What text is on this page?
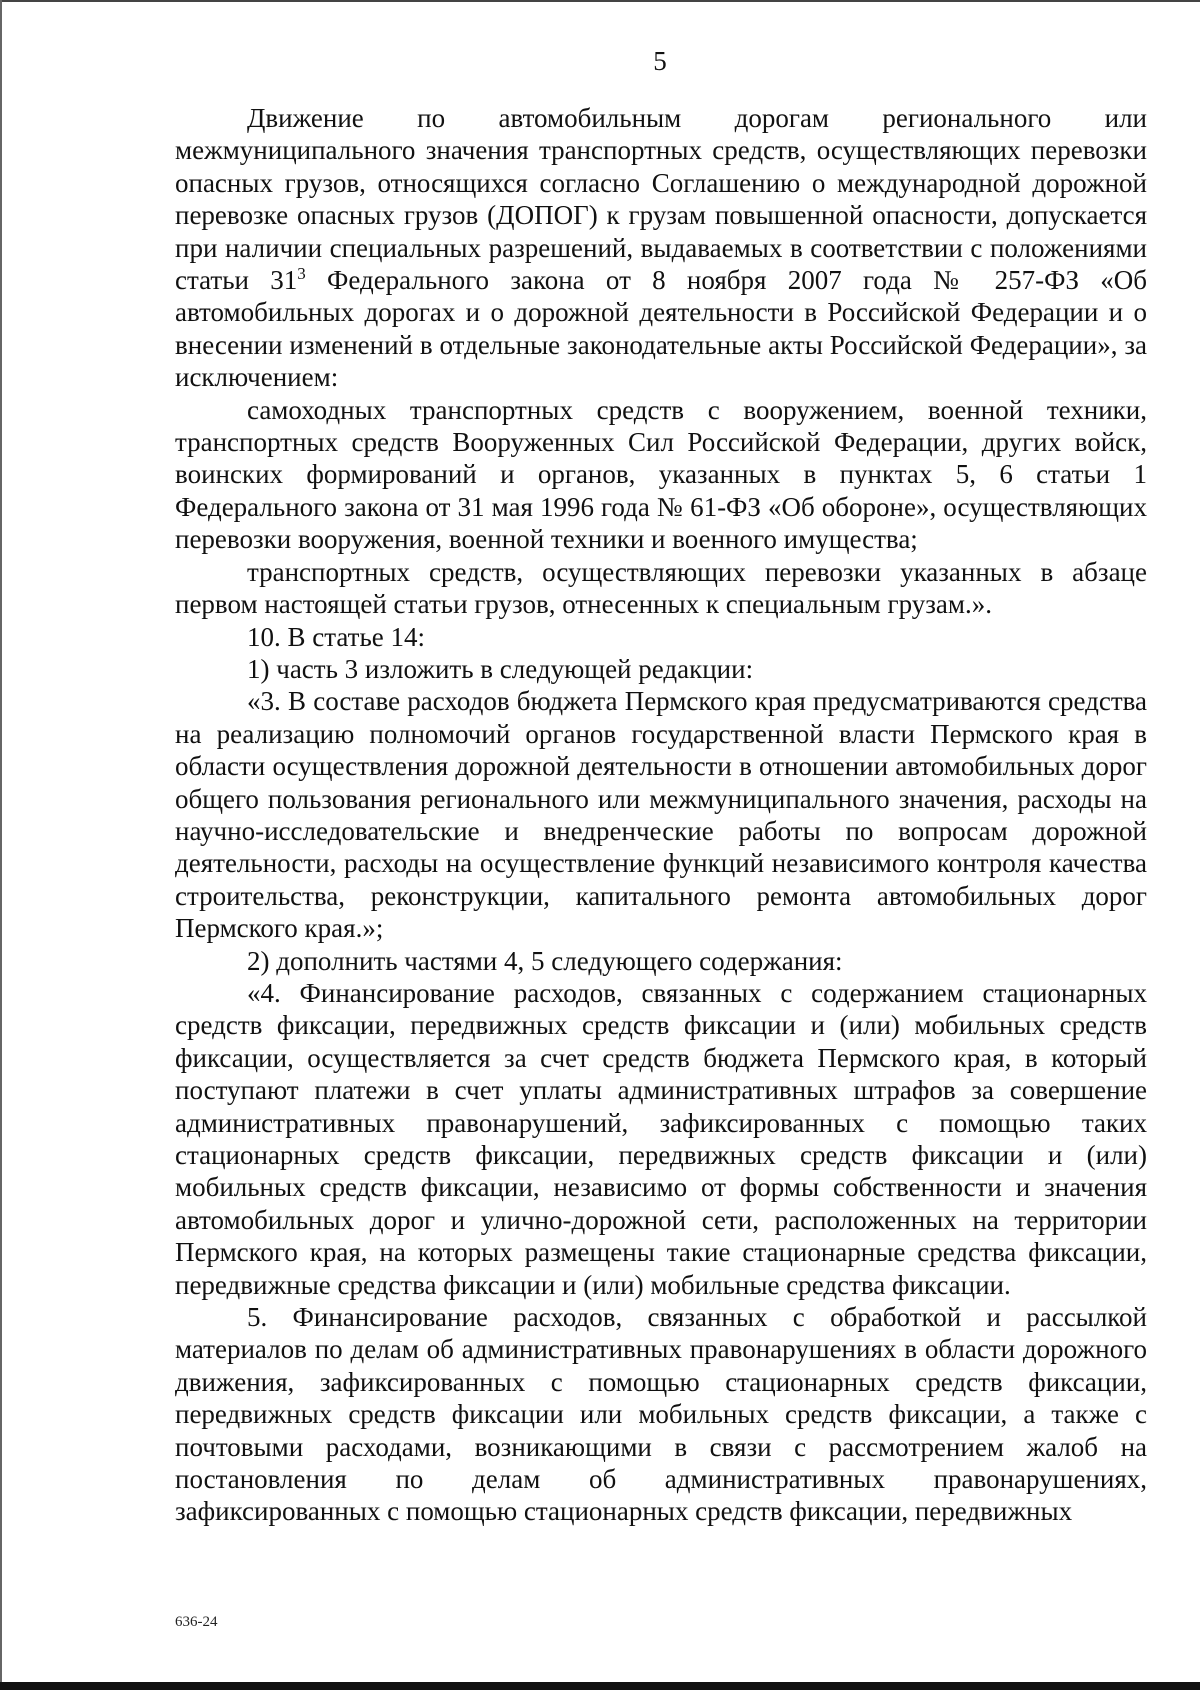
5

Движение по автомобильным дорогам регионального или межмуниципального значения транспортных средств, осуществляющих перевозки опасных грузов, относящихся согласно Соглашению о международной дорожной перевозке опасных грузов (ДОПОГ) к грузам повышенной опасности, допускается при наличии специальных разрешений, выдаваемых в соответствии с положениями статьи $31^3$ Федерального закона от 8 ноября 2007 года № 257-ФЗ «Об автомобильных дорогах и о дорожной деятельности в Российской Федерации и о внесении изменений в отдельные законодательные акты Российской Федерации», за исключением:

самоходных транспортных средств с вооружением, военной техники, транспортных средств Вооруженных Сил Российской Федерации, других войск, воинских формирований и органов, указанных в пунктах 5, 6 статьи 1 Федерального закона от 31 мая 1996 года № 61-ФЗ «Об обороне», осуществляющих перевозки вооружения, военной техники и военного имущества;

транспортных средств, осуществляющих перевозки указанных в абзаце первом настоящей статьи грузов, отнесенных к специальным грузам.».

10. В статье 14:

1) часть 3 изложить в следующей редакции:

«3. В составе расходов бюджета Пермского края предусматриваются средства на реализацию полномочий органов государственной власти Пермского края в области осуществления дорожной деятельности в отношении автомобильных дорог общего пользования регионального или межмуниципального значения, расходы на научно-исследовательские и внедренческие работы по вопросам дорожной деятельности, расходы на осуществление функций независимого контроля качества строительства, реконструкции, капитального ремонта автомобильных дорог Пермского края.»;

2) дополнить частями 4, 5 следующего содержания:

«4. Финансирование расходов, связанных с содержанием стационарных средств фиксации, передвижных средств фиксации и (или) мобильных средств фиксации, осуществляется за счет средств бюджета Пермского края, в который поступают платежи в счет уплаты административных штрафов за совершение административных правонарушений, зафиксированных с помощью таких стационарных средств фиксации, передвижных средств фиксации и (или) мобильных средств фиксации, независимо от формы собственности и значения автомобильных дорог и улично-дорожной сети, расположенных на территории Пермского края, на которых размещены такие стационарные средства фиксации, передвижные средства фиксации и (или) мобильные средства фиксации.

5. Финансирование расходов, связанных с обработкой и рассылкой материалов по делам об административных правонарушениях в области дорожного движения, зафиксированных с помощью стационарных средств фиксации, передвижных средств фиксации или мобильных средств фиксации, а также с почтовыми расходами, возникающими в связи с рассмотрением жалоб на постановления по делам об административных правонарушениях, зафиксированных с помощью стационарных средств фиксации, передвижных

636-24
